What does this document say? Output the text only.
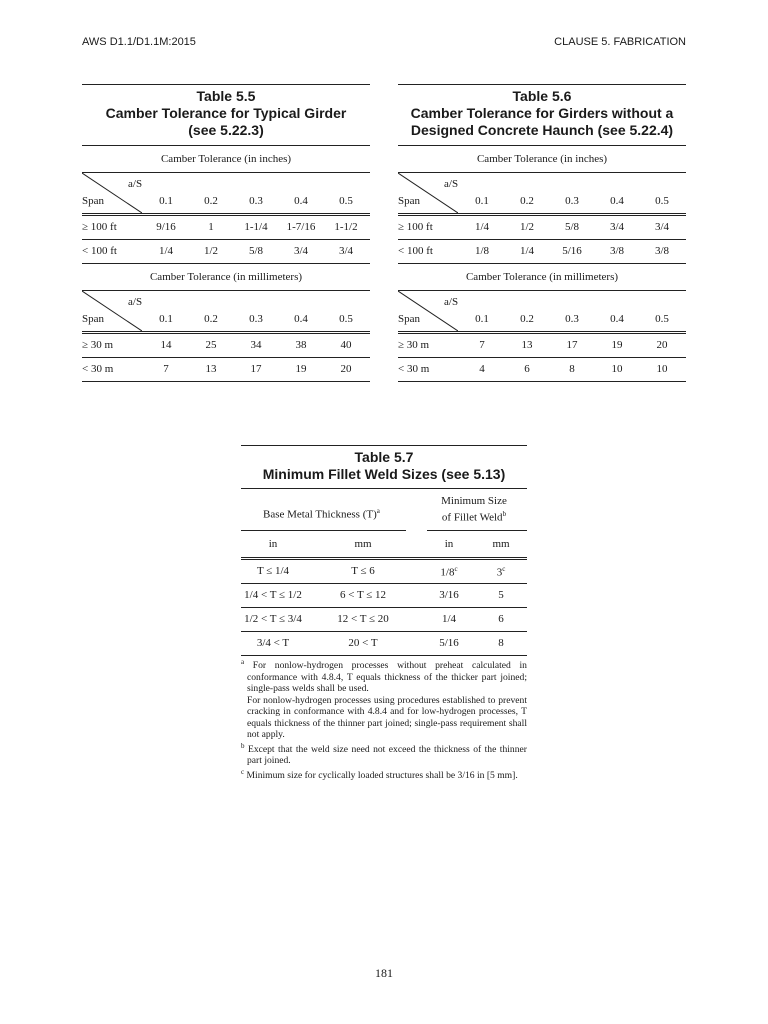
AWS D1.1/D1.1M:2015	CLAUSE 5. FABRICATION
Table 5.5
Camber Tolerance for Typical Girder
(see 5.22.3)
Camber Tolerance (in inches)
a/S
Span	0.1	0.2	0.3	0.4	0.5
≥ 100 ft	9/16	1	1-1/4	1-7/16	1-1/2
< 100 ft	1/4	1/2	5/8	3/4	3/4
Camber Tolerance (in millimeters)
a/S
Span	0.1	0.2	0.3	0.4	0.5
≥ 30 m	14	25	34	38	40
< 30 m	7	13	17	19	20
Table 5.6
Camber Tolerance for Girders without a
Designed Concrete Haunch (see 5.22.4)
Camber Tolerance (in inches)
a/S
Span	0.1	0.2	0.3	0.4	0.5
≥ 100 ft	1/4	1/2	5/8	3/4	3/4
< 100 ft	1/8	1/4	5/16	3/8	3/8
Camber Tolerance (in millimeters)
a/S
Span	0.1	0.2	0.3	0.4	0.5
≥ 30 m	7	13	17	19	20
< 30 m	4	6	8	10	10
Table 5.7
Minimum Fillet Weld Sizes (see 5.13)
Base Metal Thickness $(T)^a$
Minimum Size
of Fillet Weld$^b$
in	mm	in	mm
T ≤ 1/4	T ≤ 6	1/8$^c$	3$^c$
1/4 < T ≤ 1/2	6 < T ≤ 12	3/16	5
1/2 < T ≤ 3/4	12 < T ≤ 20	1/4	6
3/4 < T	20 < T	5/16	8

$^a$ For nonlow-hydrogen processes without preheat calculated in conformance with 4.8.4, T equals thickness of the thicker part joined; single-pass welds shall be used.

For nonlow-hydrogen processes using procedures established to prevent cracking in conformance with 4.8.4 and for low-hydrogen processes, T equals thickness of the thinner part joined; single-pass requirement shall not apply.

$^b$ Except that the weld size need not exceed the thickness of the thinner part joined.

$^c$ Minimum size for cyclically loaded structures shall be 3/16 in [5 mm].

181
